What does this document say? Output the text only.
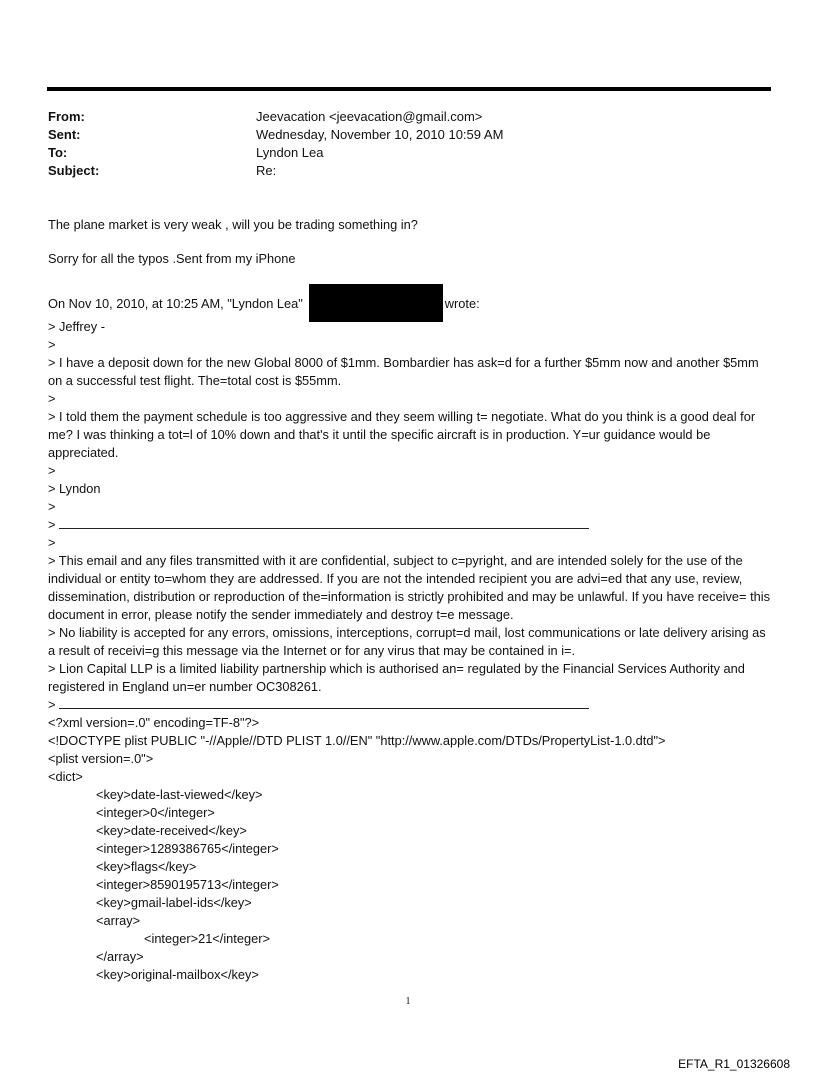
From:	Jeevacation <jeevacation@gmail.com>
Sent:	Wednesday, November 10, 2010 10:59 AM
To:	Lyndon Lea
Subject:	Re:
The plane market is very weak , will you be trading something in?
Sorry for all the typos .Sent from my iPhone
On Nov 10, 2010, at 10:25 AM, "Lyndon Lea"	wrote:
> Jeffrey -
>
> I have a deposit down for the new Global 8000 of $1mm. Bombardier has ask=d for a further $5mm now and another $5mm on a successful test flight. The=total cost is $55mm.
>
> I told them the payment schedule is too aggressive and they seem willing t= negotiate. What do you think is a good deal for me? I was thinking a tot=l of 10% down and that's it until the specific aircraft is in production. Y=ur guidance would be appreciated.
>
> Lyndon
>
>
>
> This email and any files transmitted with it are confidential, subject to c=pyright, and are intended solely for the use of the individual or entity to=whom they are addressed. If you are not the intended recipient you are advi=ed that any use, review, dissemination, distribution or reproduction of the=information is strictly prohibited and may be unlawful. If you have receive= this document in error, please notify the sender immediately and destroy t=e message.
> No liability is accepted for any errors, omissions, interceptions, corrupt=d mail, lost communications or late delivery arising as a result of receivi=g this message via the Internet or for any virus that may be contained in i=.
> Lion Capital LLP is a limited liability partnership which is authorised an= regulated by the Financial Services Authority and registered in England un=er number OC308261.
>
<?xml version=.0" encoding=TF-8"?>
<!DOCTYPE plist PUBLIC "-//Apple//DTD PLIST 1.0//EN" "http://www.apple.com/DTDs/PropertyList-1.0.dtd">
<plist version=.0">
<dict>
<key>date-last-viewed</key>
<integer>0</integer>
<key>date-received</key>
<integer>1289386765</integer>
<key>flags</key>
<integer>8590195713</integer>
<key>gmail-label-ids</key>
<array>
<integer>21</integer>
</array>
<key>original-mailbox</key>
1
EFTA_R1_01326608
